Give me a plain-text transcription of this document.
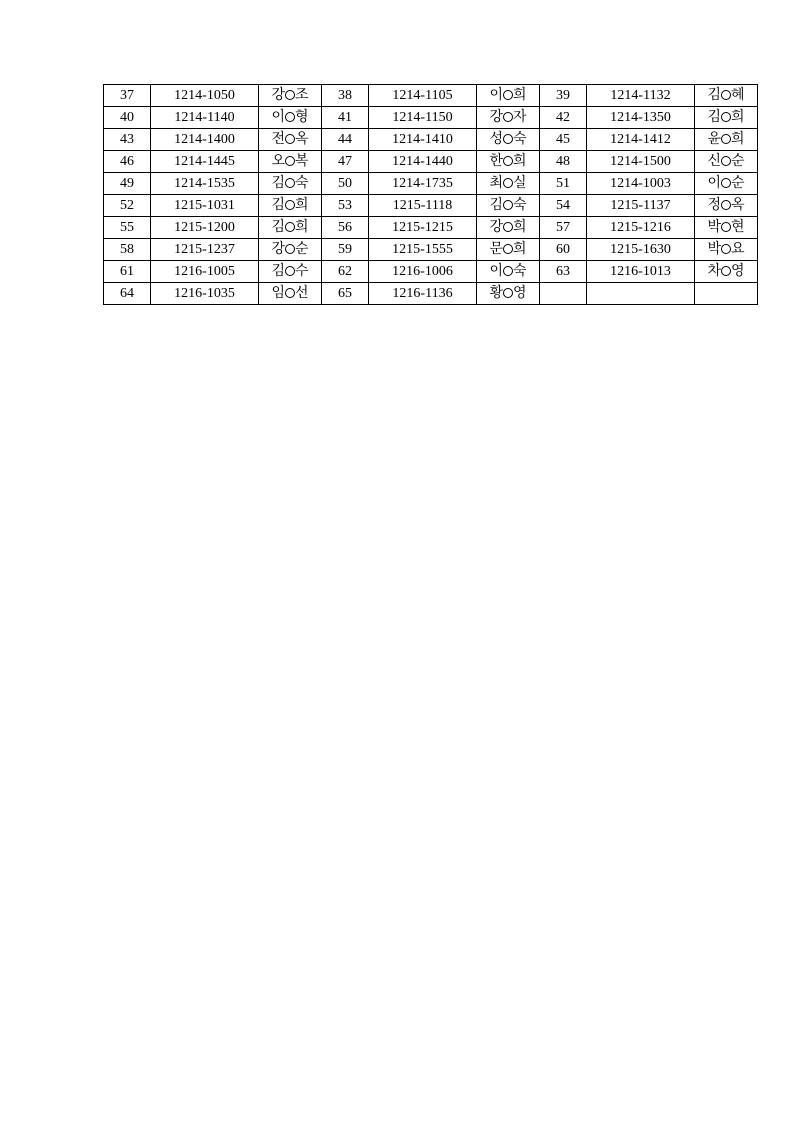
37	1214-1050	강 조	38	1214-1105	이 희	39	1214-1132	김 혜
40	1214-1140	이 형	41	1214-1150	강 자	42	1214-1350	김 희
43	1214-1400	전 옥	44	1214-1410	성 숙	45	1214-1412	윤 희
46	1214-1445	오 복	47	1214-1440	한 희	48	1214-1500	신 순
49	1214-1535	김 숙	50	1214-1735	최 실	51	1214-1003	이 순
52	1215-1031	김 희	53	1215-1118	김 숙	54	1215-1137	정 옥
55	1215-1200	김 희	56	1215-1215	강 희	57	1215-1216	박 현
58	1215-1237	강 순	59	1215-1555	문 희	60	1215-1630	박 요
61	1216-1005	김 수	62	1216-1006	이 숙	63	1216-1013	차 영
64	1216-1035	임 선	65	1216-1136	황 영			
